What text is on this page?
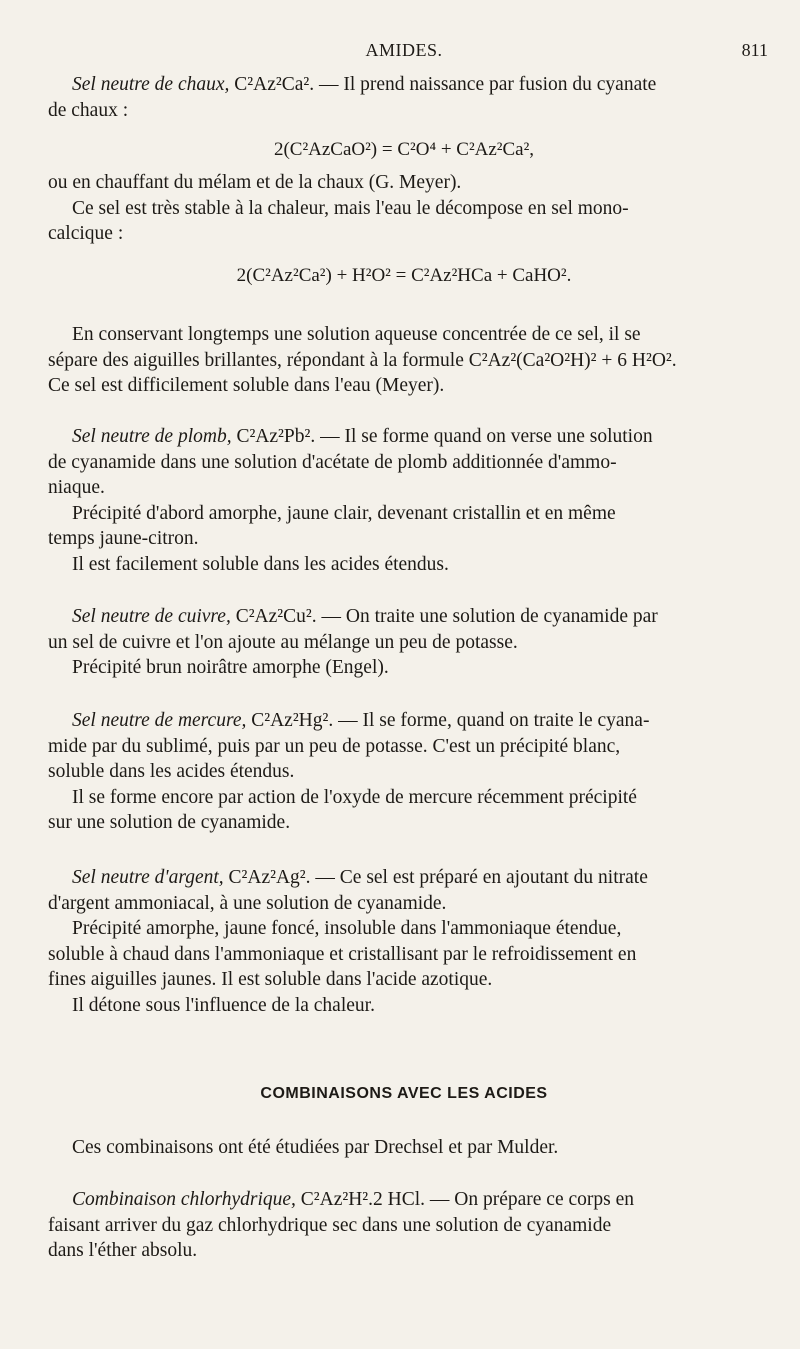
AMIDES.	811
Sel neutre de chaux, C²Az²Ca². — Il prend naissance par fusion du cyanate
de chaux :
2(C²AzCaO²) = C²O⁴ + C²Az²Ca²,
ou en chauffant du mélam et de la chaux (G. Meyer).
Ce sel est très stable à la chaleur, mais l'eau le décompose en sel mono-
calcique :
2(C²Az²Ca²) + H²O² = C²Az²HCa + CaHO².
En conservant longtemps une solution aqueuse concentrée de ce sel, il se
sépare des aiguilles brillantes, répondant à la formule C²Az²(Ca²O²H)² + 6 H²O².
Ce sel est difficilement soluble dans l'eau (Meyer).
Sel neutre de plomb, C²Az²Pb². — Il se forme quand on verse une solution
de cyanamide dans une solution d'acétate de plomb additionnée d'ammo-
niaque.
Précipité d'abord amorphe, jaune clair, devenant cristallin et en même
temps jaune-citron.
Il est facilement soluble dans les acides étendus.
Sel neutre de cuivre, C²Az²Cu². — On traite une solution de cyanamide par
un sel de cuivre et l'on ajoute au mélange un peu de potasse.
Précipité brun noirâtre amorphe (Engel).
Sel neutre de mercure, C²Az²Hg². — Il se forme, quand on traite le cyana-
mide par du sublimé, puis par un peu de potasse. C'est un précipité blanc,
soluble dans les acides étendus.
Il se forme encore par action de l'oxyde de mercure récemment précipité
sur une solution de cyanamide.
Sel neutre d'argent, C²Az²Ag². — Ce sel est préparé en ajoutant du nitrate
d'argent ammoniacal, à une solution de cyanamide.
Précipité amorphe, jaune foncé, insoluble dans l'ammoniaque étendue,
soluble à chaud dans l'ammoniaque et cristallisant par le refroidissement en
fines aiguilles jaunes. Il est soluble dans l'acide azotique.
Il détone sous l'influence de la chaleur.
COMBINAISONS AVEC LES ACIDES
Ces combinaisons ont été étudiées par Drechsel et par Mulder.
Combinaison chlorhydrique, C²Az²H².2 HCl. — On prépare ce corps en
faisant arriver du gaz chlorhydrique sec dans une solution de cyanamide
dans l'éther absolu.
